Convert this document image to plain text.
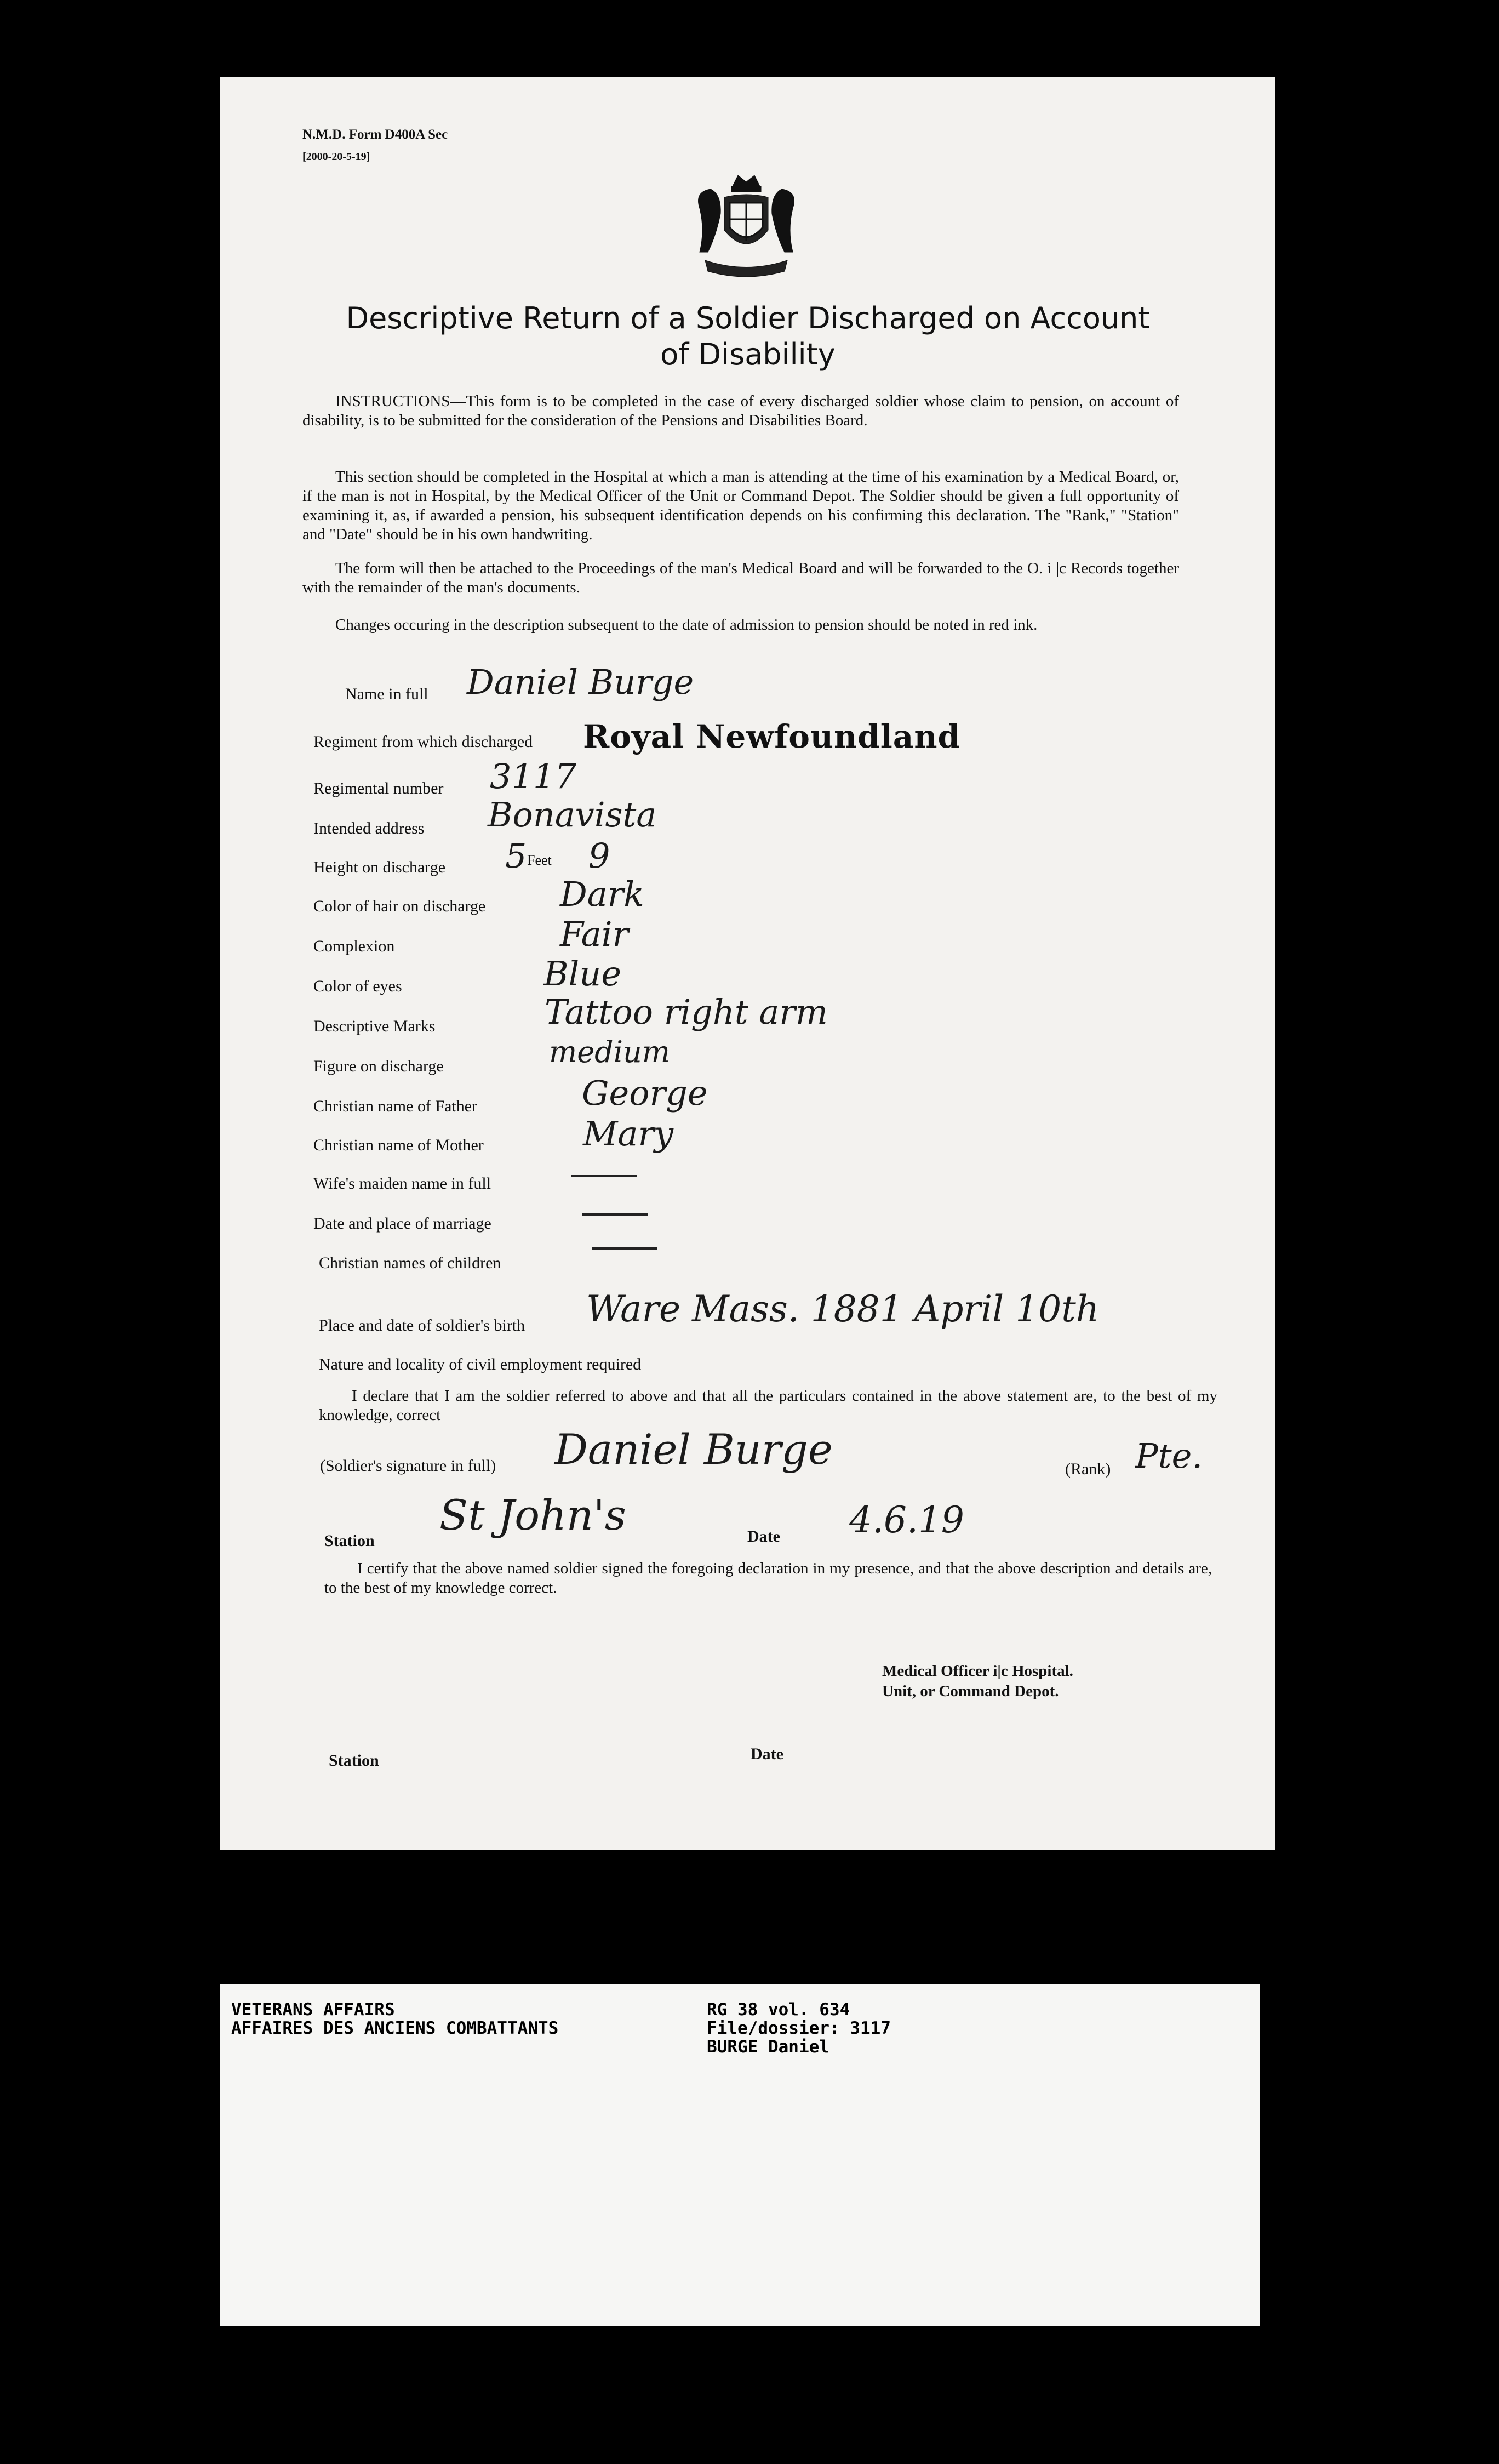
N.M.D. Form D400A Sec
[2000-20-5-19]
Descriptive Return of a Soldier Discharged on Account
of Disability
INSTRUCTIONS—This form is to be completed in the case of every discharged soldier whose claim to pension, on account of disability, is to be submitted for the consideration of the Pensions and Disabilities Board.
This section should be completed in the Hospital at which a man is attending at the time of his examination by a Medical Board, or, if the man is not in Hospital, by the Medical Officer of the Unit or Command Depot. The Soldier should be given a full opportunity of examining it, as, if awarded a pension, his subsequent identification depends on his confirming this declaration. The "Rank," "Station" and "Date" should be in his own handwriting.
The form will then be attached to the Proceedings of the man's Medical Board and will be forwarded to the O. i |c Records together with the remainder of the man's documents.
Changes occuring in the description subsequent to the date of admission to pension should be noted in red ink.
Name in full Daniel Burge
Regiment from which discharged Royal Newfoundland
Regimental number 3117
Intended address Bonavista
Height on discharge 5 Feet 9
Color of hair on discharge Dark
Complexion	Fair
Color of eyes	Blue
Descriptive Marks	Tattoo right arm
Figure on discharge	medium
Christian name of Father	George
Christian name of Mother	Mary
Wife's maiden name in full
Date and place of marriage
Christian names of children
Place and date of soldier's birth Ware Mass. 1881 April 10th
Nature and locality of civil employment required
I declare that I am the soldier referred to above and that all the particulars contained in the above statement are, to the best of my knowledge, correct
(Soldier's signature in full) Daniel Burge	(Rank) Pte.
Station
St John's	Date 4.6.19
I certify that the above named soldier signed the foregoing declaration in my presence, and that the above description and details are, to the best of my knowledge correct.
Medical Officer i|c Hospital.
Unit, or Command Depot.
Station	Date
VETERANS AFFAIRS
AFFAIRES DES ANCIENS COMBATTANTS
RG 38 vol. 634
File/dossier: 3117
BURGE Daniel
